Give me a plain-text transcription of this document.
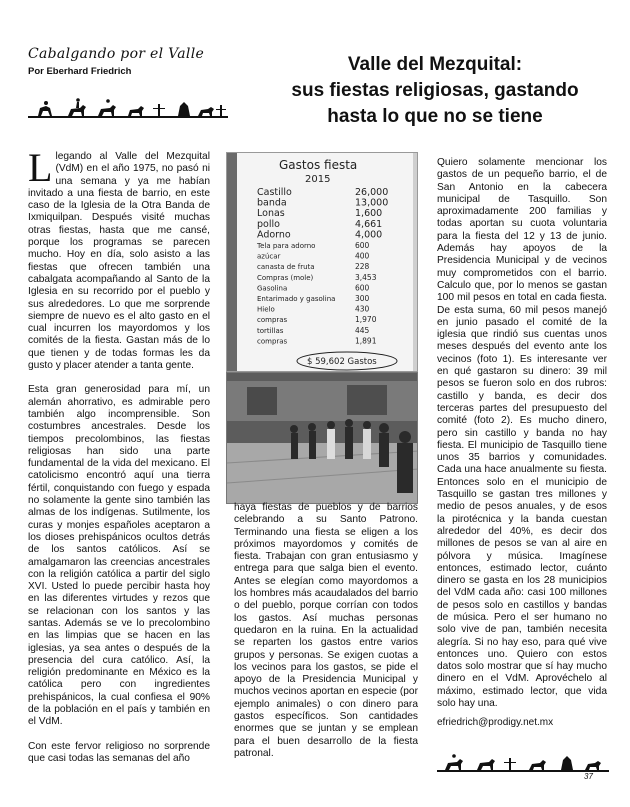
Cabalgando por el Valle
Por Eberhard Friedrich	Valle del Mezquital:
sus fiestas religiosas, gastando
hasta lo que no se tiene

Llegando al Valle del Mezquital (VdM) en el año 1975, no pasó ni una semana y ya me habían invitado a una fiesta de barrio, en este caso de la Iglesia de la Otra Banda de Ixmiquilpan. Después visité muchas otras fiestas, hasta que me cansé, porque los programas se parecen mucho. Hoy en día, solo asisto a las fiestas que ofrecen también una cabalgata acompañando al Santo de la Iglesia en su recorrido por el pueblo y sus alrededores. Lo que me sorprende siempre de nuevo es el alto gasto en el cual incurren los mayordomos y los comités de la fiesta. Gastan más de lo que tienen y de todas formas les da gusto y placer atender a tanta gente.

Esta gran generosidad para mí, un alemán ahorrativo, es admirable pero también algo incomprensible. Son costumbres ancestrales. Desde los tiempos precolombinos, las fiestas religiosas han sido una parte fundamental de la vida del mexicano. El catolicismo encontró aquí una tierra fértil, conquistando con fuego y espada no solamente la gente sino también las almas de los indígenas. Sutilmente, los curas y monjes españoles aceptaron a los dioses prehispánicos ocultos detrás de los santos católicos. Así se amalgamaron las creencias ancestrales con la religión católica a partir del siglo XVI. Usted lo puede percibir hasta hoy en las diferentes virtudes y rezos que se relacionan con los santos y las santas. Además se ve lo precolombino en las limpias que se hacen en las iglesias, ya sea antes o después de la presencia del cura católico. Así, la religión predominante en México es la católica pero con ingredientes prehispánicos, la cual confiesa el 90% de la población en el país y también en el VdM.

Con este fervor religioso no sorprende que casi todas las semanas del año

Gastos fiesta
2015
Castillo	26,000
banda	13,000
Lonas	1,600
pollo	4,661
Adorno	4,000
Tela para adorno	600
azúcar	400
canasta de fruta	228
Compras (mole)	3,453
Gasolina	600
Entarimado y gasolina	300
Hielo	430
compras	1,970
tortillas	445
compras	1,891
$ 59,602 Gastos

haya fiestas de pueblos y de barrios celebrando a su Santo Patrono. Terminando una fiesta se eligen a los próximos mayordomos y comités de fiesta. Trabajan con gran entusiasmo y entrega para que salga bien el evento. Antes se elegían como mayordomos a los hombres más acaudalados del barrio o del pueblo, porque corrían con todos los gastos. Así muchas personas quedaron en la ruina. En la actualidad se reparten los gastos entre varios grupos y personas. Se exigen cuotas a los vecinos para los gastos, se pide el apoyo de la Presidencia Municipal y muchos vecinos aportan en especie (por ejemplo animales) o con dinero para gastos específicos. Son cantidades enormes que se juntan y se emplean para el buen desarrollo de la fiesta patronal.

Quiero solamente mencionar los gastos de un pequeño barrio, el de San Antonio en la cabecera municipal de Tasquillo. Son aproximadamente 200 familias y todas aportan su cuota voluntaria para la fiesta del 12 y 13 de junio. Además hay apoyos de la Presidencia Municipal y de vecinos muy comprometidos con el barrio. Calculo que, por lo menos se gastan 100 mil pesos en total en cada fiesta. De esta suma, 60 mil pesos manejó en junio pasado el comité de la iglesia que rindió sus cuentas unos meses después del evento ante los vecinos (foto 1). Es interesante ver en qué gastaron su dinero: 39 mil pesos se fueron solo en dos rubros: castillo y banda, es decir dos terceras partes del presupuesto del comité (foto 2). Es mucho dinero, pero sin castillo y banda no hay fiesta. El municipio de Tasquillo tiene unos 35 barrios y comunidades. Cada una hace anualmente su fiesta. Entonces solo en el municipio de Tasquillo se gastan tres millones y medio de pesos anuales, y de esos la pirotécnica y la banda cuestan alrededor del 40%, es decir dos millones de pesos se van al aire en pólvora y música. Imagínese entonces, estimado lector, cuánto dinero se gasta en los 28 municipios del VdM cada año: casi 100 millones de pesos solo en castillos y bandas de música. Pero el ser humano no solo vive de pan, también necesita alegría. Si no hay eso, para qué vive entonces uno. Quiero con estos datos solo mostrar que sí hay mucho dinero en el VdM. Aprovéchelo al máximo, estimado lector, que vida solo hay una.

efriedrich@prodigy.net.mx
37
